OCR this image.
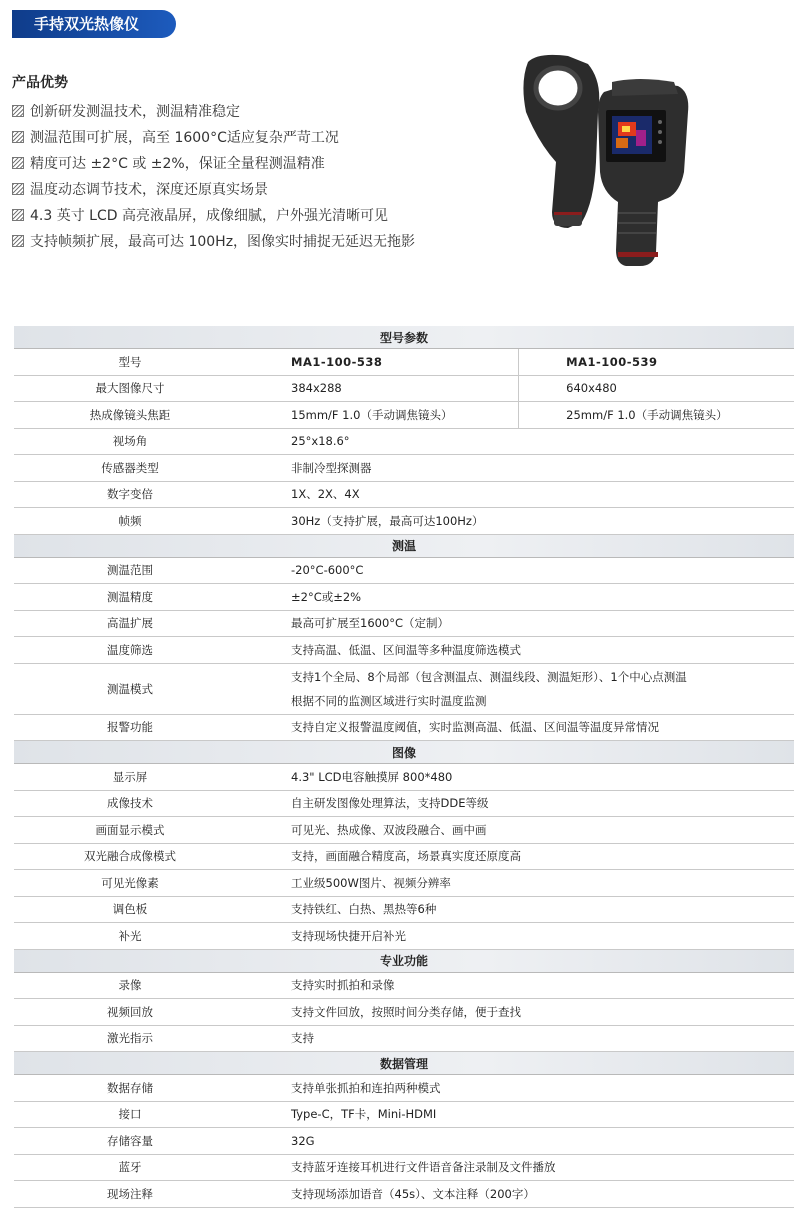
手持双光热像仪
产品优势
创新研发测温技术，测温精准稳定
测温范围可扩展，高至 1600°C适应复杂严苛工况
精度可达 ±2°C 或 ±2%，保证全量程测温精准
温度动态调节技术，深度还原真实场景
4.3 英寸 LCD 高亮液晶屏，成像细腻，户外强光清晰可见
支持帧频扩展，最高可达 100Hz，图像实时捕捉无延迟无拖影
型号参数		
型号	MA1-100-538	MA1-100-539
最大图像尺寸	384x288	640x480
热成像镜头焦距	15mm/F 1.0（手动调焦镜头）	25mm/F 1.0（手动调焦镜头）
视场角	25°x18.6°	
传感器类型	非制冷型探测器	
数字变倍	1X、2X、4X	
帧频	30Hz（支持扩展，最高可达100Hz）	
测温		
测温范围	-20°C-600°C	
测温精度	±2°C或±2%	
高温扩展	最高可扩展至1600°C（定制）	
温度筛选	支持高温、低温、区间温等多种温度筛选模式	
测温模式	支持1个全局、8个局部（包含测温点、测温线段、测温矩形）、1个中心点测温
根据不同的监测区域进行实时温度监测	

报警功能	支持自定义报警温度阈值，实时监测高温、低温、区间温等温度异常情况	
图像		
显示屏	4.3" LCD电容触摸屏 800*480	
成像技术	自主研发图像处理算法，支持DDE等级	
画面显示模式	可见光、热成像、双波段融合、画中画	
双光融合成像模式	支持，画面融合精度高，场景真实度还原度高	
可见光像素	工业级500W图片、视频分辨率	
调色板	支持铁红、白热、黑热等6种	
补光	支持现场快捷开启补光	
专业功能		
录像	支持实时抓拍和录像	
视频回放	支持文件回放，按照时间分类存储，便于查找	
激光指示	支持	
数据管理		
数据存储	支持单张抓拍和连拍两种模式	
接口	Type-C，TF卡，Mini-HDMI	
存储容量	32G	
蓝牙	支持蓝牙连接耳机进行文件语音备注录制及文件播放	
现场注释	支持现场添加语音（45s）、文本注释（200字）	
